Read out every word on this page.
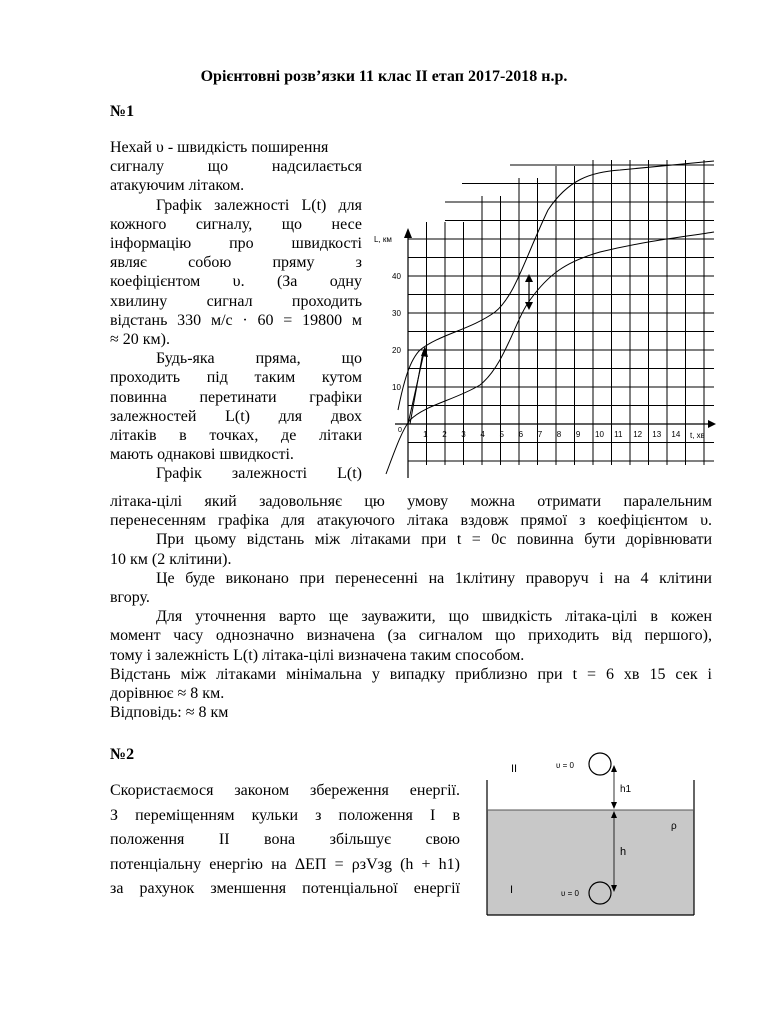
Орієнтовні розв’язки 11 клас ІІ етап 2017-2018 н.р.
№1
Нехай υ - швидкість поширення
сигналу що надсилається
атакуючим літаком.
Графік залежності L(t) для
кожного сигналу, що несе
інформацію про швидкості
являє собою пряму з
коефіцієнтом υ. (За одну
хвилину сигнал проходить
відстань 330 м/с · 60 = 19800 м
≈ 20 км).
Будь-яка пряма, що
проходить під таким кутом
повинна перетинати графіки
залежностей L(t) для двох
літаків в точках, де літаки
мають однакові швидкості.
Графік залежності L(t)
літака-цілі який задовольняє цю умову можна отримати паралельним
перенесенням графіка для атакуючого літака вздовж прямої з коефіцієнтом υ.
При цьому відстань між літаками при t = 0с повинна бути дорівнювати
10 км (2 клітини).
Це буде виконано при перенесенні на 1клітину праворуч і на 4 клітини
вгору.
Для уточнення варто ще зауважити, що швидкість літака-цілі в кожен
момент часу однозначно визначена (за сигналом що приходить від першого),
тому і залежність L(t) літака-цілі визначена таким способом.
Відстань між літаками мінімальна у випадку приблизно при t = 6 хв 15 сек і
дорівнює ≈ 8 км.
Відповідь: ≈ 8 км
L, км
t, хв
0
10
20
30
40
1 2 3 4 5 6 7 8 9 10 11 12 13 14
№2
Скористаємося законом збереження енергії.
З переміщенням кульки з положення І в
положення ІІ вона збільшує свою
потенціальну енергію на ΔEП = ρзVзg (h + h1)
за рахунок зменшення потенціальної енергії
ІІ
І
υ = 0
υ = 0
h1
h
ρ
